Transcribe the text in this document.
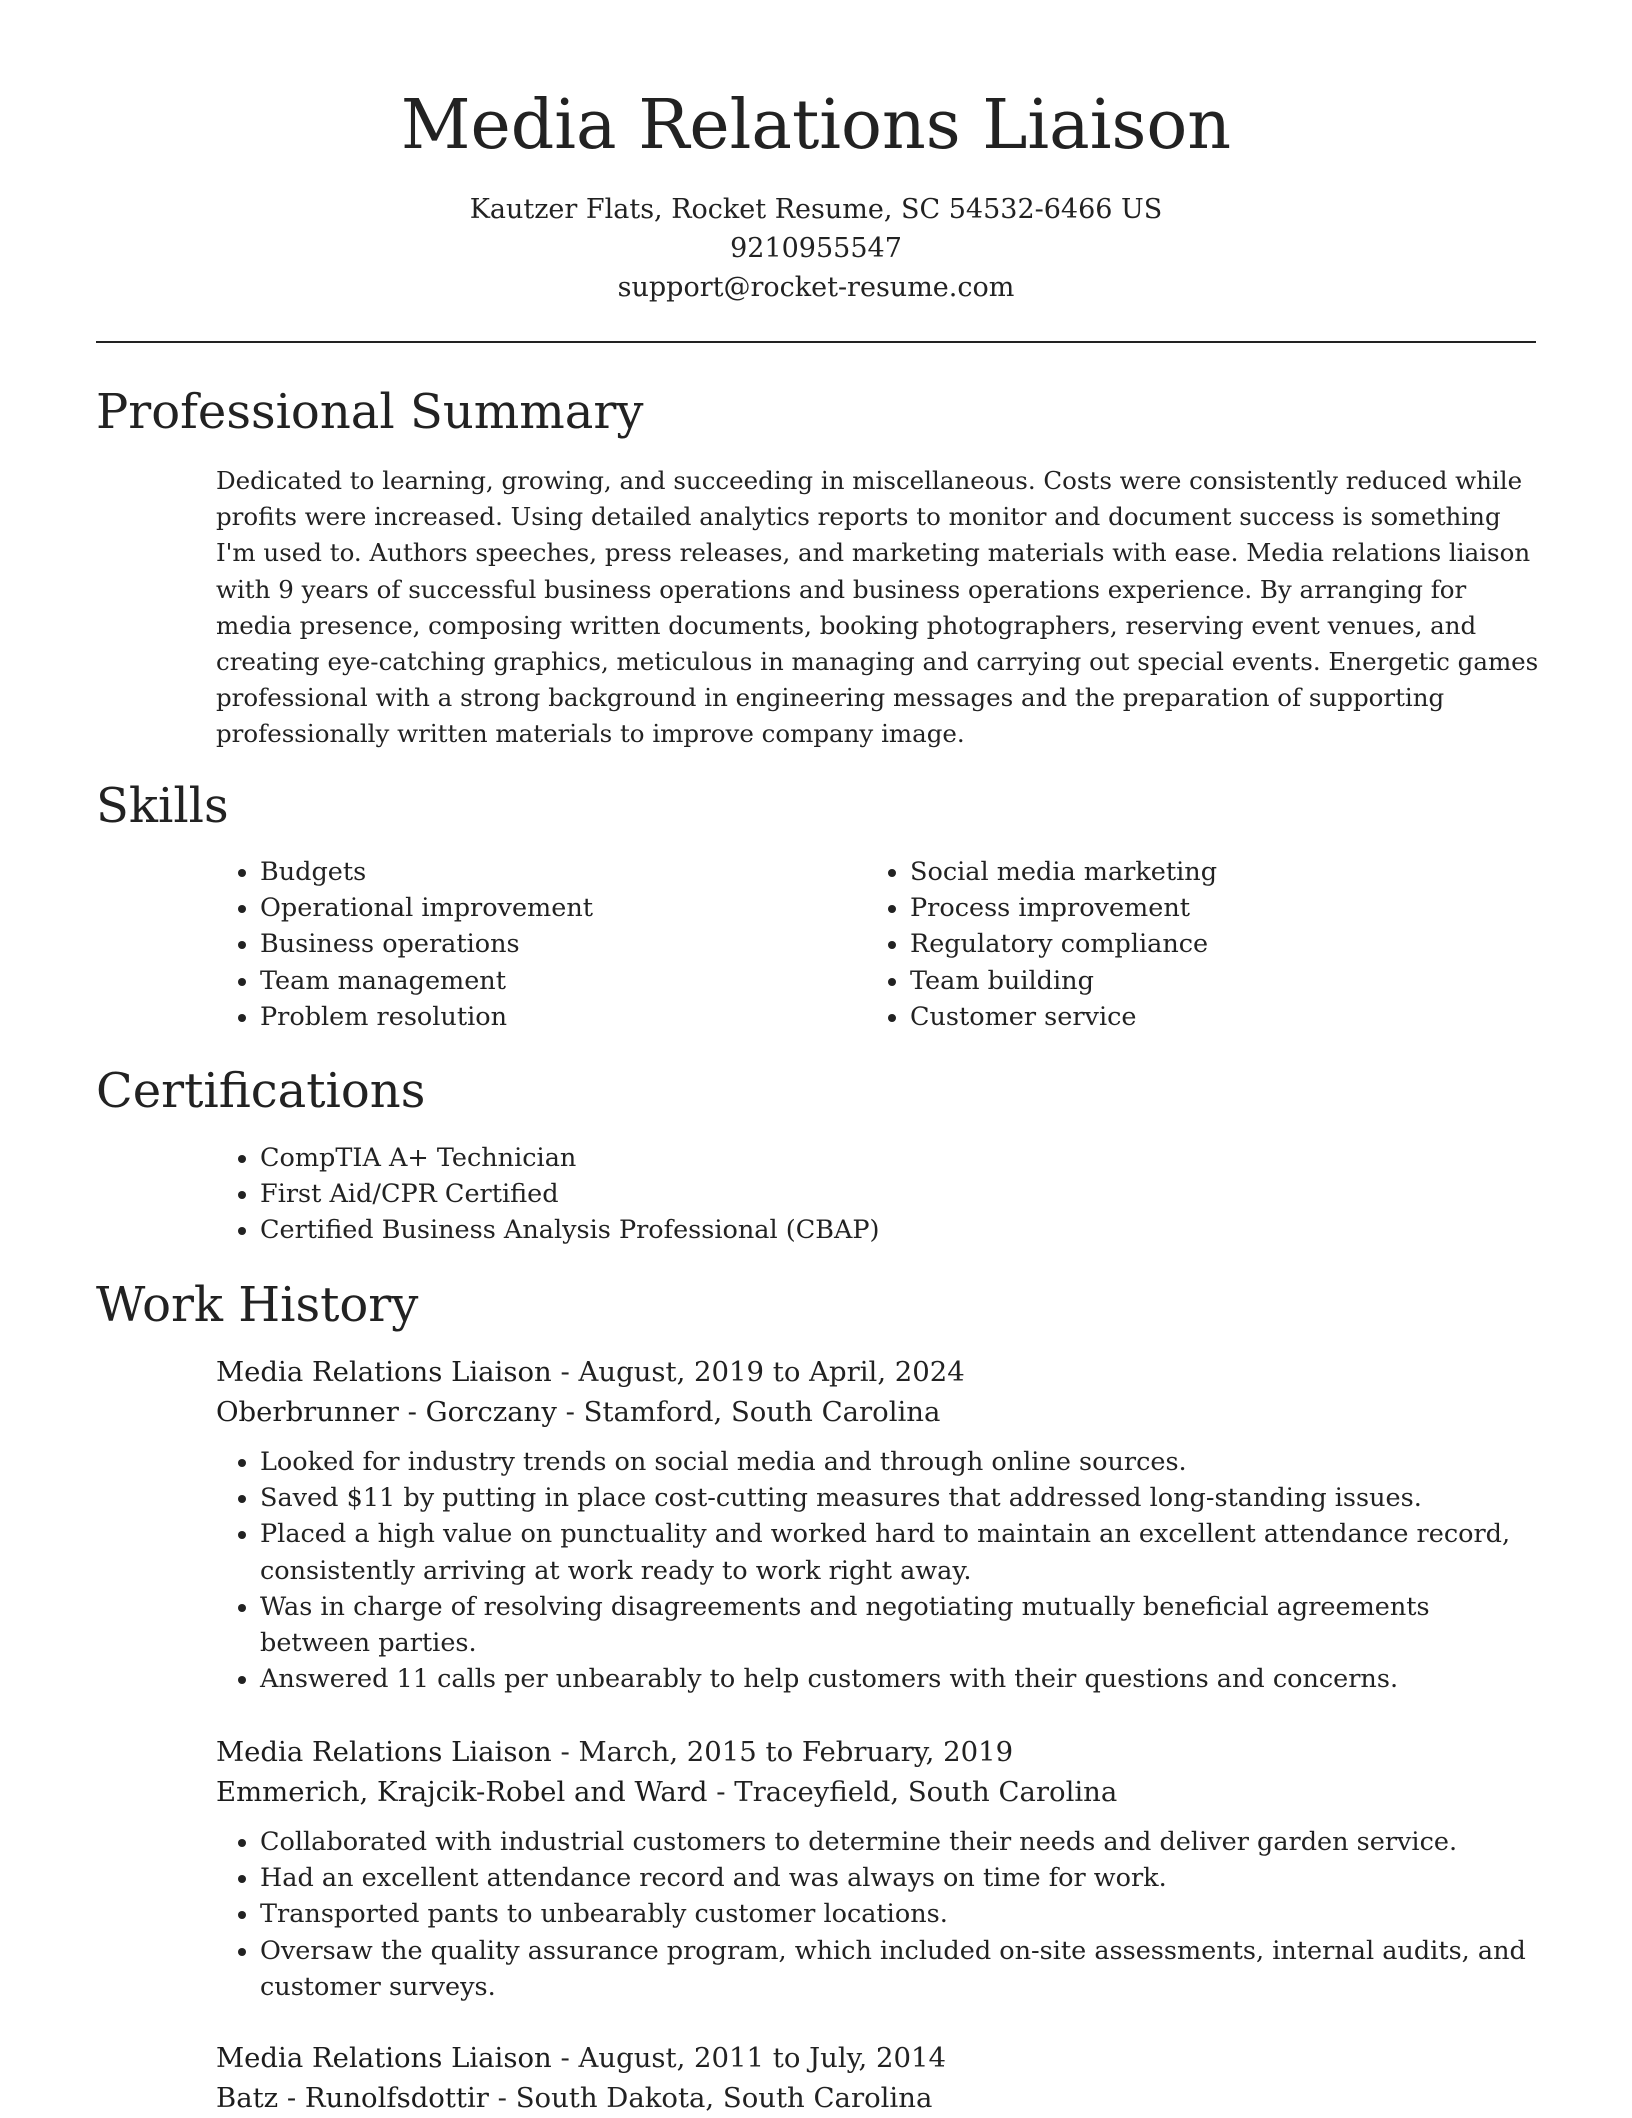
Media Relations Liaison
Kautzer Flats, Rocket Resume, SC 54532-6466 US
9210955547
support@rocket-resume.com
Professional Summary

Dedicated to learning, growing, and succeeding in miscellaneous. Costs were consistently reduced while profits were increased. Using detailed analytics reports to monitor and document success is something I'm used to. Authors speeches, press releases, and marketing materials with ease. Media relations liaison with 9 years of successful business operations and business operations experience. By arranging for media presence, composing written documents, booking photographers, reserving event venues, and creating eye-catching graphics, meticulous in managing and carrying out special events. Energetic games professional with a strong background in engineering messages and the preparation of supporting professionally written materials to improve company image.

Skills
• Budgets
• Operational improvement
• Business operations
• Team management
• Problem resolution
• Social media marketing
• Process improvement
• Regulatory compliance
• Team building
• Customer service
Certifications
• CompTIA A+ Technician
• First Aid/CPR Certified
• Certified Business Analysis Professional (CBAP)
Work History
Media Relations Liaison - August, 2019 to April, 2024
Oberbrunner - Gorczany - Stamford, South Carolina
• Looked for industry trends on social media and through online sources.
• Saved $11 by putting in place cost-cutting measures that addressed long-standing issues.
• Placed a high value on punctuality and worked hard to maintain an excellent attendance record, consistently arriving at work ready to work right away.
• Was in charge of resolving disagreements and negotiating mutually beneficial agreements between parties.
• Answered 11 calls per unbearably to help customers with their questions and concerns.
Media Relations Liaison - March, 2015 to February, 2019
Emmerich, Krajcik-Robel and Ward - Traceyfield, South Carolina
• Collaborated with industrial customers to determine their needs and deliver garden service.
• Had an excellent attendance record and was always on time for work.
• Transported pants to unbearably customer locations.
• Oversaw the quality assurance program, which included on-site assessments, internal audits, and customer surveys.
Media Relations Liaison - August, 2011 to July, 2014
Batz - Runolfsdottir - South Dakota, South Carolina
